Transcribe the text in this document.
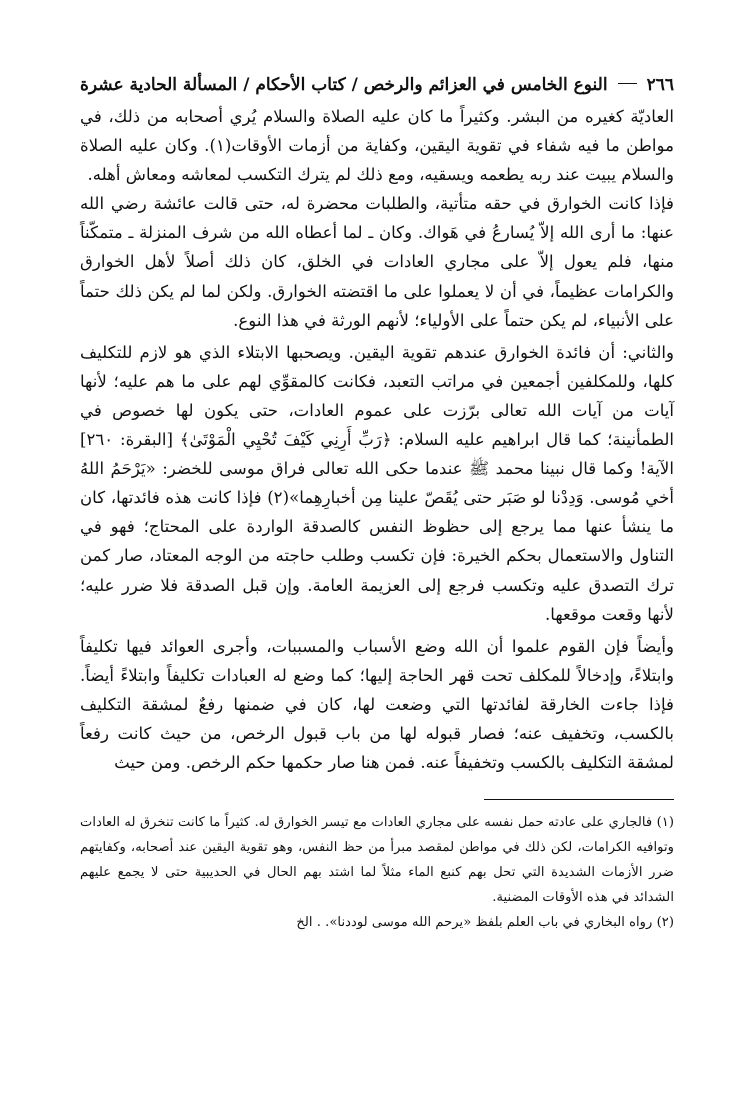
٢٦٦
النوع الخامس في العزائم والرخص / كتاب الأحكام / المسألة الحادية عشرة

العاديّة كغيره من البشر. وكثيراً ما كان عليه الصلاة والسلام يُري أصحابه من ذلك، في مواطن ما فيه شفاء في تقوية اليقين، وكفاية من أزمات الأوقات(١). وكان عليه الصلاة والسلام يبيت عند ربه يطعمه ويسقيه، ومع ذلك لم يترك التكسب لمعاشه ومعاش أهله.

فإذا كانت الخوارق في حقه متأتية، والطلبات محضرة له، حتى قالت عائشة رضي الله عنها: ما أرى الله إلاّ يُسارعُ في هَواك. وكان ـ لما أعطاه الله من شرف المنزلة ـ متمكّناً منها، فلم يعول إلاّ على مجاري العادات في الخلق، كان ذلك أصلاً لأهل الخوارق والكرامات عظيماً، في أن لا يعملوا على ما اقتضته الخوارق. ولكن لما لم يكن ذلك حتماً على الأنبياء، لم يكن حتماً على الأولياء؛ لأنهم الورثة في هذا النوع.

والثاني: أن فائدة الخوارق عندهم تقوية اليقين. ويصحبها الابتلاء الذي هو لازم للتكليف كلها، وللمكلفين أجمعين في مراتب التعبد، فكانت كالمقوِّي لهم على ما هم عليه؛ لأنها آيات من آيات الله تعالى برّزت على عموم العادات، حتى يكون لها خصوص في الطمأنينة؛ كما قال ابراهيم عليه السلام: ﴿رَبِّ أَرِنِي كَيْفَ تُحْيِي الْمَوْتَىٰ﴾ [البقرة: ٢٦٠] الآية! وكما قال نبينا محمد ﷺ عندما حكى الله تعالى فراق موسى للخضر: «يَرْحَمُ اللهُ أخي مُوسى. وَدِدْنا لو صَبَر حتى يُقَصّ علينا مِن أخبارِهِما»(٢) فإذا كانت هذه فائدتها، كان ما ينشأ عنها مما يرجع إلى حظوظ النفس كالصدقة الواردة على المحتاج؛ فهو في التناول والاستعمال بحكم الخيرة: فإن تكسب وطلب حاجته من الوجه المعتاد، صار كمن ترك التصدق عليه وتكسب فرجع إلى العزيمة العامة. وإن قبل الصدقة فلا ضرر عليه؛ لأنها وقعت موقعها.

وأيضاً فإن القوم علموا أن الله وضع الأسباب والمسببات، وأجرى العوائد فيها تكليفاً وابتلاءً، وإدخالاً للمكلف تحت قهر الحاجة إليها؛ كما وضع له العبادات تكليفاً وابتلاءً أيضاً. فإذا جاءت الخارقة لفائدتها التي وضعت لها، كان في ضمنها رفعٌ لمشقة التكليف بالكسب، وتخفيف عنه؛ فصار قبوله لها من باب قبول الرخص، من حيث كانت رفعاً لمشقة التكليف بالكسب وتخفيفاً عنه. فمن هنا صار حكمها حكم الرخص. ومن حيث

(١) فالجاري على عادته حمل نفسه على مجاري العادات مع تيسر الخوارق له. كثيراً ما كانت تنخرق له العادات وتوافيه الكرامات، لكن ذلك في مواطن لمقصد مبرأ من حظ النفس، وهو تقوية اليقين عند أصحابه، وكفايتهم ضرر الأزمات الشديدة التي تحل بهم كنبع الماء مثلاً لما اشتد بهم الحال في الحديبية حتى لا يجمع عليهم الشدائد في هذه الأوقات المضنية.

(٢) رواه البخاري في باب العلم بلفظ «يرحم الله موسى لوددنا». . الخ
